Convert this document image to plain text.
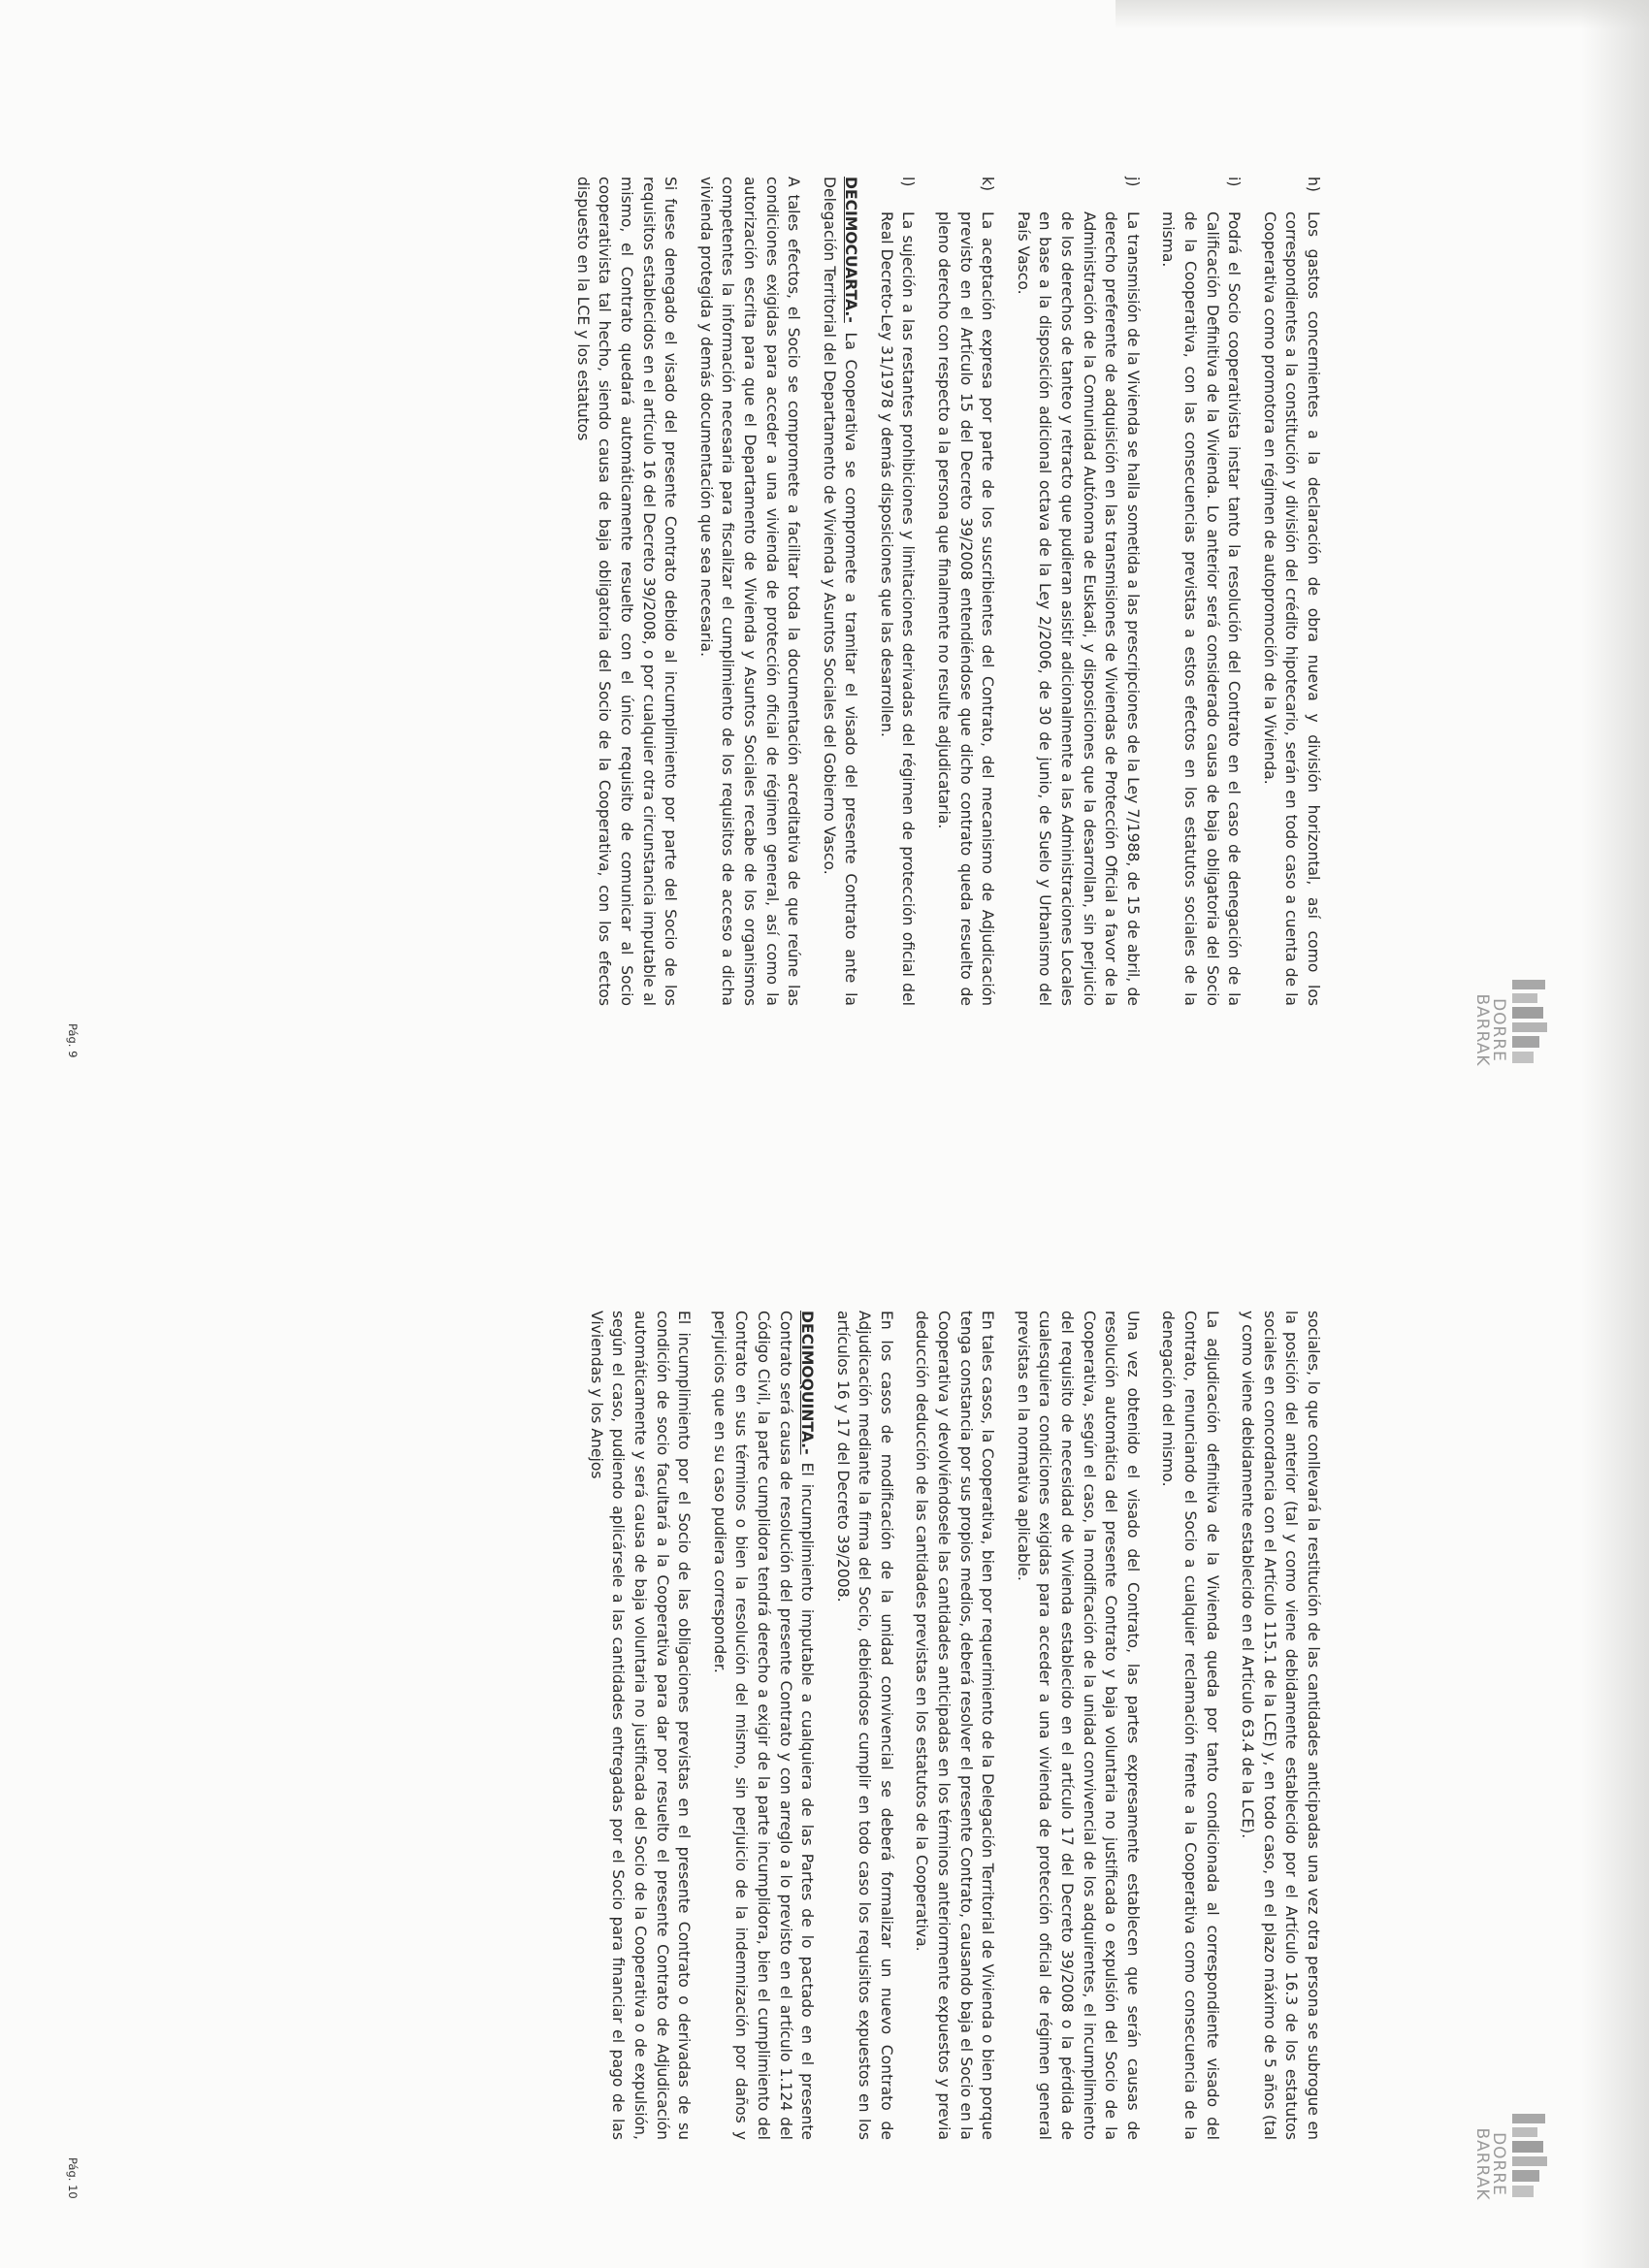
DORRE
BARRAK
h)
Los gastos concernientes a la declaración de obra nueva y división horizontal, así como los correspondientes a la constitución y división del crédito hipotecario, serán en todo caso a cuenta de la Cooperativa como promotora en régimen de autopromoción de la Vivienda.
i)
Podrá el Socio cooperativista instar tanto la resolución del Contrato en el caso de denegación de la Calificación Definitiva de la Vivienda. Lo anterior será considerado causa de baja obligatoria del Socio de la Cooperativa, con las consecuencias previstas a estos efectos en los estatutos sociales de la misma.
j)
La transmisión de la Vivienda se halla sometida a las prescripciones de la Ley 7/1988, de 15 de abril, de derecho preferente de adquisición en las transmisiones de Viviendas de Protección Oficial a favor de la Administración de la Comunidad Autónoma de Euskadi, y disposiciones que la desarrollan, sin perjuicio de los derechos de tanteo y retracto que pudieran asistir adicionalmente a las Administraciones Locales en base a la disposición adicional octava de la Ley 2/2006, de 30 de junio, de Suelo y Urbanismo del País Vasco.
k)
La aceptación expresa por parte de los suscribientes del Contrato, del mecanismo de Adjudicación previsto en el Artículo 15 del Decreto 39/2008 entendiéndose que dicho contrato queda resuelto de pleno derecho con respecto a la persona que finalmente no resulte adjudicataria.
l)
La sujeción a las restantes prohibiciones y limitaciones derivadas del régimen de protección oficial del Real Decreto-Ley 31/1978 y demás disposiciones que las desarrollen.

DECIMOCUARTA.- La Cooperativa se compromete a tramitar el visado del presente Contrato ante la Delegación Territorial del Departamento de Vivienda y Asuntos Sociales del Gobierno Vasco.

A tales efectos, el Socio se compromete a facilitar toda la documentación acreditativa de que reúne las condiciones exigidas para acceder a una vivienda de protección oficial de régimen general, así como la autorización escrita para que el Departamento de Vivienda y Asuntos Sociales recabe de los organismos competentes la información necesaria para fiscalizar el cumplimiento de los requisitos de acceso a dicha vivienda protegida y demás documentación que sea necesaria.

Si fuese denegado el visado del presente Contrato debido al incumplimiento por parte del Socio de los requisitos establecidos en el artículo 16 del Decreto 39/2008, o por cualquier otra circunstancia imputable al mismo, el Contrato quedará automáticamente resuelto con el único requisito de comunicar al Socio cooperativista tal hecho, siendo causa de baja obligatoria del Socio de la Cooperativa, con los efectos dispuesto en la LCE y los estatutos

Pág. 9
DORRE
BARRAK

sociales, lo que conllevará la restitución de las cantidades anticipadas una vez otra persona se subrogue en la posición del anterior (tal y como viene debidamente establecido por el Artículo 16.3 de los estatutos sociales en concordancia con el Artículo 115.1 de la LCE) y, en todo caso, en el plazo máximo de 5 años (tal y como viene debidamente establecido en el Artículo 63.4 de la LCE).

La adjudicación definitiva de la Vivienda queda por tanto condicionada al correspondiente visado del Contrato, renunciando el Socio a cualquier reclamación frente a la Cooperativa como consecuencia de la denegación del mismo.

Una vez obtenido el visado del Contrato, las partes expresamente establecen que serán causas de resolución automática del presente Contrato y baja voluntaria no justificada o expulsión del Socio de la Cooperativa, según el caso, la modificación de la unidad convivencial de los adquirentes, el incumplimiento del requisito de necesidad de Vivienda establecido en el artículo 17 del Decreto 39/2008 o la pérdida de cualesquiera condiciones exigidas para acceder a una vivienda de protección oficial de régimen general previstas en la normativa aplicable.

En tales casos, la Cooperativa, bien por requerimiento de la Delegación Territorial de Vivienda o bien porque tenga constancia por sus propios medios, deberá resolver el presente Contrato, causando baja el Socio en la Cooperativa y devolviéndosele las cantidades anticipadas en los términos anteriormente expuestos y previa deducción deducción de las cantidades previstas en los estatutos de la Cooperativa.

En los casos de modificación de la unidad convivencial se deberá formalizar un nuevo Contrato de Adjudicación mediante la firma del Socio, debiéndose cumplir en todo caso los requisitos expuestos en los artículos 16 y 17 del Decreto 39/2008.

DECIMOQUINTA.- El incumplimiento imputable a cualquiera de las Partes de lo pactado en el presente Contrato será causa de resolución del presente Contrato y con arreglo a lo previsto en el artículo 1.124 del Código Civil, la parte cumplidora tendrá derecho a exigir de la parte incumplidora, bien el cumplimiento del Contrato en sus términos o bien la resolución del mismo, sin perjuicio de la indemnización por daños y perjuicios que en su caso pudiera corresponder.

El incumplimiento por el Socio de las obligaciones previstas en el presente Contrato o derivadas de su condición de socio facultará a la Cooperativa para dar por resuelto el presente Contrato de Adjudicación automáticamente y será causa de baja voluntaria no justificada del Socio de la Cooperativa o de expulsión, según el caso, pudiendo aplicársele a las cantidades entregadas por el Socio para financiar el pago de las Viviendas y los Anejos

Pág. 10
